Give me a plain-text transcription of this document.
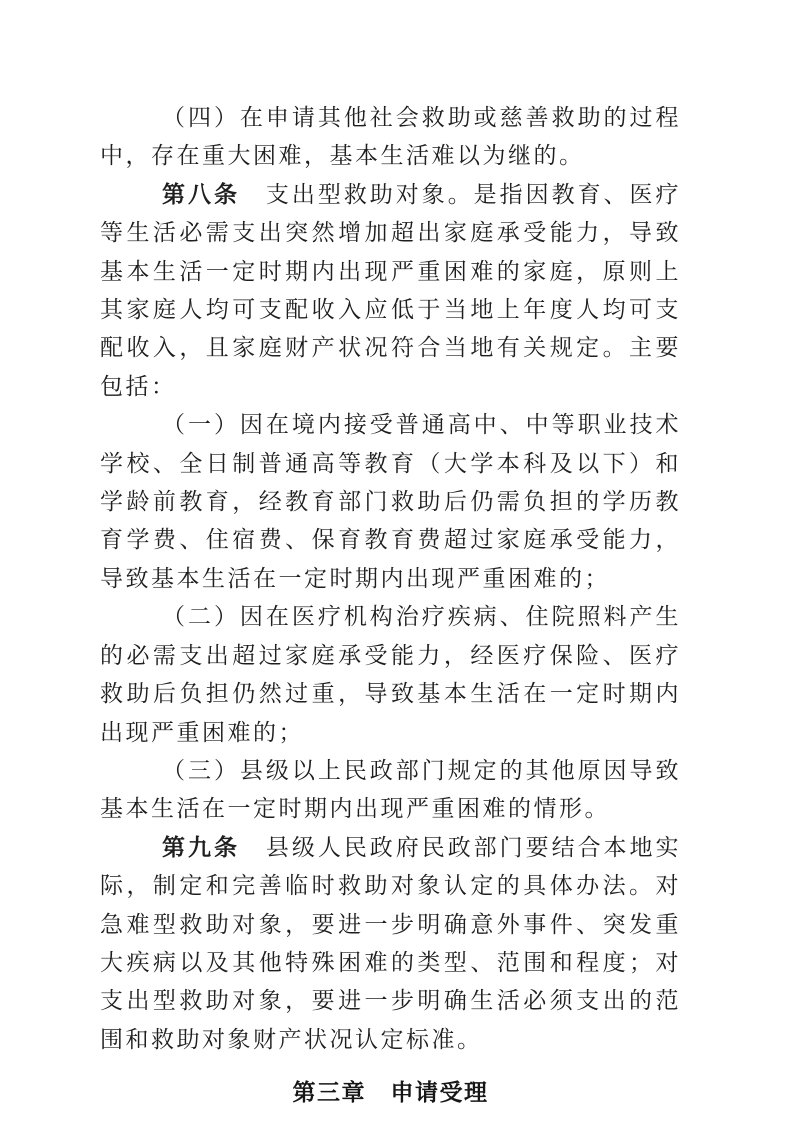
（四）在申请其他社会救助或慈善救助的过程中，存在重大困难，基本生活难以为继的。

第八条　支出型救助对象。是指因教育、医疗等生活必需支出突然增加超出家庭承受能力，导致基本生活一定时期内出现严重困难的家庭，原则上其家庭人均可支配收入应低于当地上年度人均可支配收入，且家庭财产状况符合当地有关规定。主要包括：

（一）因在境内接受普通高中、中等职业技术学校、全日制普通高等教育（大学本科及以下）和学龄前教育，经教育部门救助后仍需负担的学历教育学费、住宿费、保育教育费超过家庭承受能力，导致基本生活在一定时期内出现严重困难的；

（二）因在医疗机构治疗疾病、住院照料产生的必需支出超过家庭承受能力，经医疗保险、医疗救助后负担仍然过重，导致基本生活在一定时期内出现严重困难的；

（三）县级以上民政部门规定的其他原因导致基本生活在一定时期内出现严重困难的情形。

第九条　县级人民政府民政部门要结合本地实际，制定和完善临时救助对象认定的具体办法。对急难型救助对象，要进一步明确意外事件、突发重大疾病以及其他特殊困难的类型、范围和程度；对支出型救助对象，要进一步明确生活必须支出的范围和救助对象财产状况认定标准。

第三章　申请受理
